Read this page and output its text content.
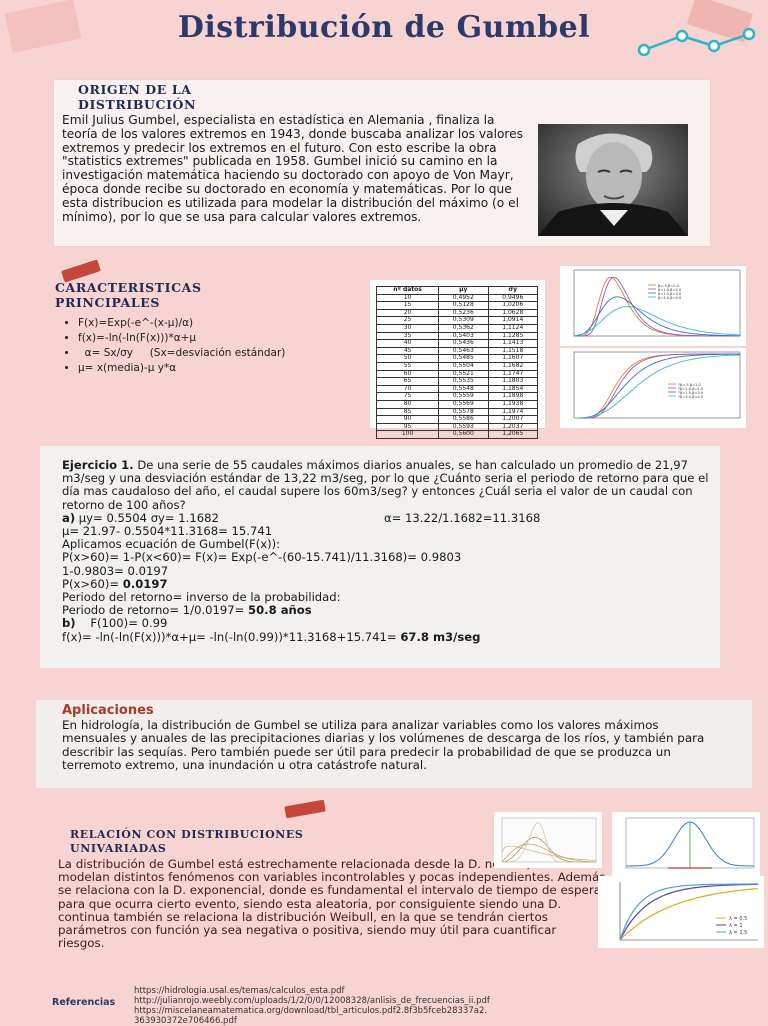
Distribución de Gumbel
ORIGEN DE LA
DISTRIBUCIÓN
Emil Julius Gumbel, especialista en estadística en Alemania , finaliza la teoría de los valores extremos en 1943, donde buscaba analizar los valores extremos y predecir los extremos en el futuro. Con esto escribe la obra "statistics extremes" publicada en 1958. Gumbel inició su camino en la investigación matemática haciendo su doctorado con apoyo de Von Mayr, época donde recibe su doctorado en economía y matemáticas. Por lo que esta distribucion es utilizada para modelar la distribución del máximo (o el mínimo), por lo que se usa para calcular valores extremos.
CARACTERISTICAS
PRINCIPALES
• F(x)=Exp(-e^-(x-µ)/α)
• f(x)=-ln(-ln(F(x)))*α+µ
•   α= Sx/σy     (Sx=desviación estándar)
• µ= x(media)-µ y*α
nº datos	µy	σy
10	0,4952	0,9496
15	0,5128	1,0206
20	0,5236	1,0628
25	0,5309	1,0914
30	0,5362	1,1124
35	0,5403	1,1285
40	0,5436	1,1413
45	0,5463	1,1518
50	0,5485	1,1607
55	0,5504	1,1682
60	0,5521	1,1747
65	0,5535	1,1803
70	0,5548	1,1854
75	0,5559	1,1898
80	0,5569	1,1938
85	0,5578	1,1974
90	0,5586	1,2007
95	0,5593	1,2037
100	0,5600	1,2065
β=.5,β=2.0
β=1.0,β=2.0
β=1.5,β=3.0
β=3.0,β=4.0
?β=.5,β=2.0
?β=1.0,β=2.0
?β=1.5,β=3.0
?β=3.0,β=4.0
Ejercicio 1. De una serie de 55 caudales máximos diarios anuales, se han calculado un promedio de 21,97 m3/seg y una desviación estándar de 13,22 m3/seg, por lo que ¿Cuánto seria el periodo de retorno para que el día mas caudaloso del año, el caudal supere los 60m3/seg? y entonces ¿Cuál seria el valor de un caudal con retorno de 100 años?
a) µy= 0.5504 σy= 1.1682	α= 13.22/1.1682=11.3168
µ= 21.97- 0.5504*11.3168= 15.741
Aplicamos ecuación de Gumbel(F(x)):
P(x>60)= 1-P(x<60)= F(x)= Exp(-e^-(60-15.741)/11.3168)= 0.9803
1-0.9803= 0.0197
P(x>60)= 0.0197
Periodo del retorno= inverso de la probabilidad:
Periodo de retorno= 1/0.0197= 50.8 años
b)    F(100)= 0.99
f(x)= -ln(-ln(F(x)))*α+µ= -ln(-ln(0.99))*11.3168+15.741= 67.8 m3/seg
Aplicaciones
En hidrología, la distribución de Gumbel se utiliza para analizar variables como los valores máximos mensuales y anuales de las precipitaciones diarias y los volúmenes de descarga de los ríos, y también para describir las sequías. Pero también puede ser útil para predecir la probabilidad de que se produzca un terremoto extremo, una inundación u otra catástrofe natural.
RELACIÓN CON DISTRIBUCIONES
UNIVARIADAS
La distribución de Gumbel está estrechamente relacionada desde la D. normal, donde se modelan distintos fenómenos con variables incontrolables y pocas independientes. Además se relaciona con la D. exponencial, donde es fundamental el intervalo de tiempo de espera para que ocurra cierto evento, siendo esta aleatoria, por consiguiente siendo una D. continua también se relaciona la distribución Weibull, en la que se tendrán ciertos parámetros con función ya sea negativa o positiva, siendo muy útil para cuantificar riesgos.
λ = 0.5
λ = 1
λ = 1.5
Referencias
https://hidrologia.usal.es/temas/calculos_esta.pdf
http://julianrojo.weebly.com/uploads/1/2/0/0/12008328/anlisis_de_frecuencias_ii.pdf
https://miscelaneamatematica.org/download/tbl_articulos.pdf2.8f3b5fceb28337a2.
363930372e706466.pdf
